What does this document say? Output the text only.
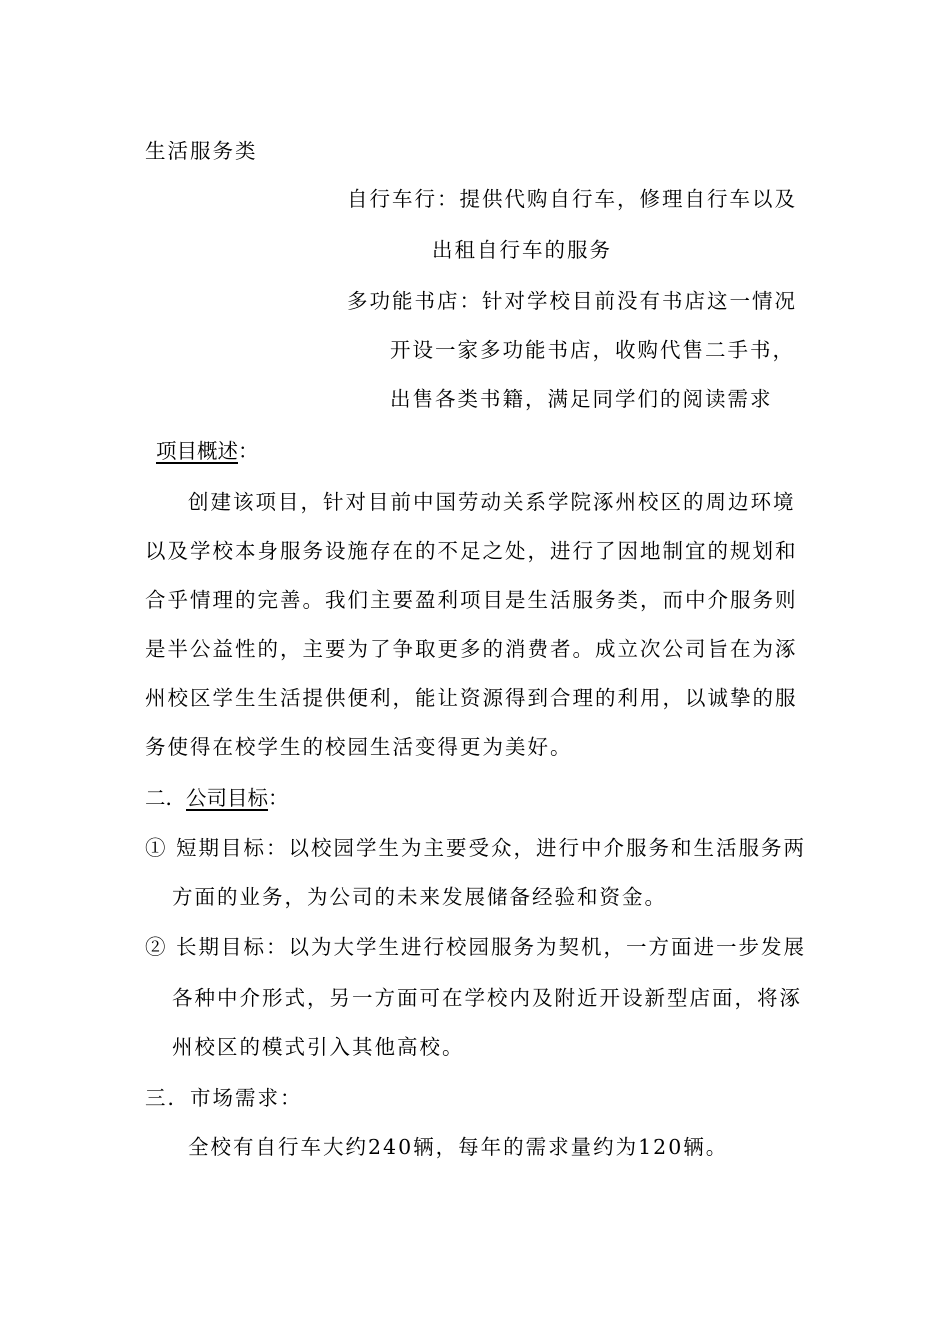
生活服务类
自行车行：提供代购自行车，修理自行车以及
出租自行车的服务
多功能书店：针对学校目前没有书店这一情况
开设一家多功能书店，收购代售二手书，
出售各类书籍，满足同学们的阅读需求
项目概述：
创建该项目，针对目前中国劳动关系学院涿州校区的周边环境
以及学校本身服务设施存在的不足之处，进行了因地制宜的规划和
合乎情理的完善。我们主要盈利项目是生活服务类，而中介服务则
是半公益性的，主要为了争取更多的消费者。成立次公司旨在为涿
州校区学生生活提供便利，能让资源得到合理的利用，以诚挚的服
务使得在校学生的校园生活变得更为美好。
二．公司目标：
① 短期目标：以校园学生为主要受众，进行中介服务和生活服务两
方面的业务，为公司的未来发展储备经验和资金。
② 长期目标：以为大学生进行校园服务为契机，一方面进一步发展
各种中介形式，另一方面可在学校内及附近开设新型店面，将涿
州校区的模式引入其他高校。
三．市场需求：
全校有自行车大约240辆，每年的需求量约为120辆。
